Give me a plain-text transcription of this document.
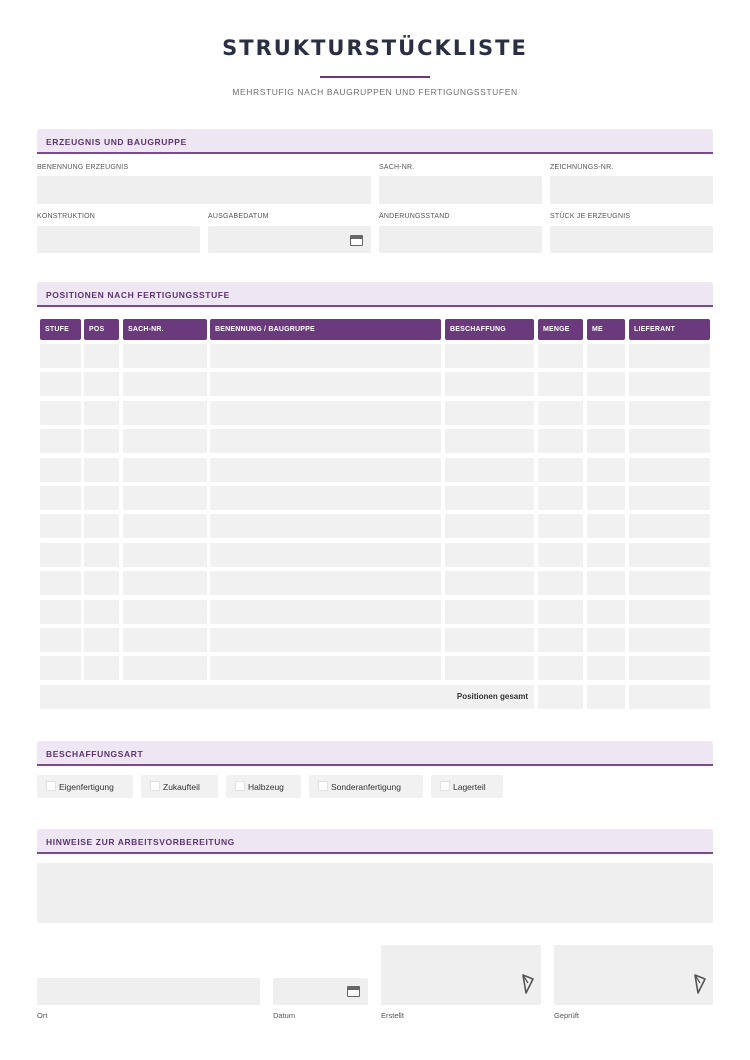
STRUKTURSTÜCKLISTE
MEHRSTUFIG NACH BAUGRUPPEN UND FERTIGUNGSSTUFEN
ERZEUGNIS UND BAUGRUPPE
BENENNUNG ERZEUGNIS	SACH-NR.	ZEICHNUNGS-NR.
KONSTRUKTION	AUSGABEDATUM	ÄNDERUNGSSTAND	STÜCK JE ERZEUGNIS
POSITIONEN NACH FERTIGUNGSSTUFE
STUFE	POS	SACH-NR.	BENENNUNG / BAUGRUPPE	BESCHAFFUNG	MENGE	ME	LIEFERANT
Positionen gesamt
BESCHAFFUNGSART
Eigenfertigung	Zukaufteil	Halbzeug	Sonderanfertigung	Lagerteil
HINWEISE ZUR ARBEITSVORBEREITUNG
Ort	Datum	Erstellt	Geprüft
